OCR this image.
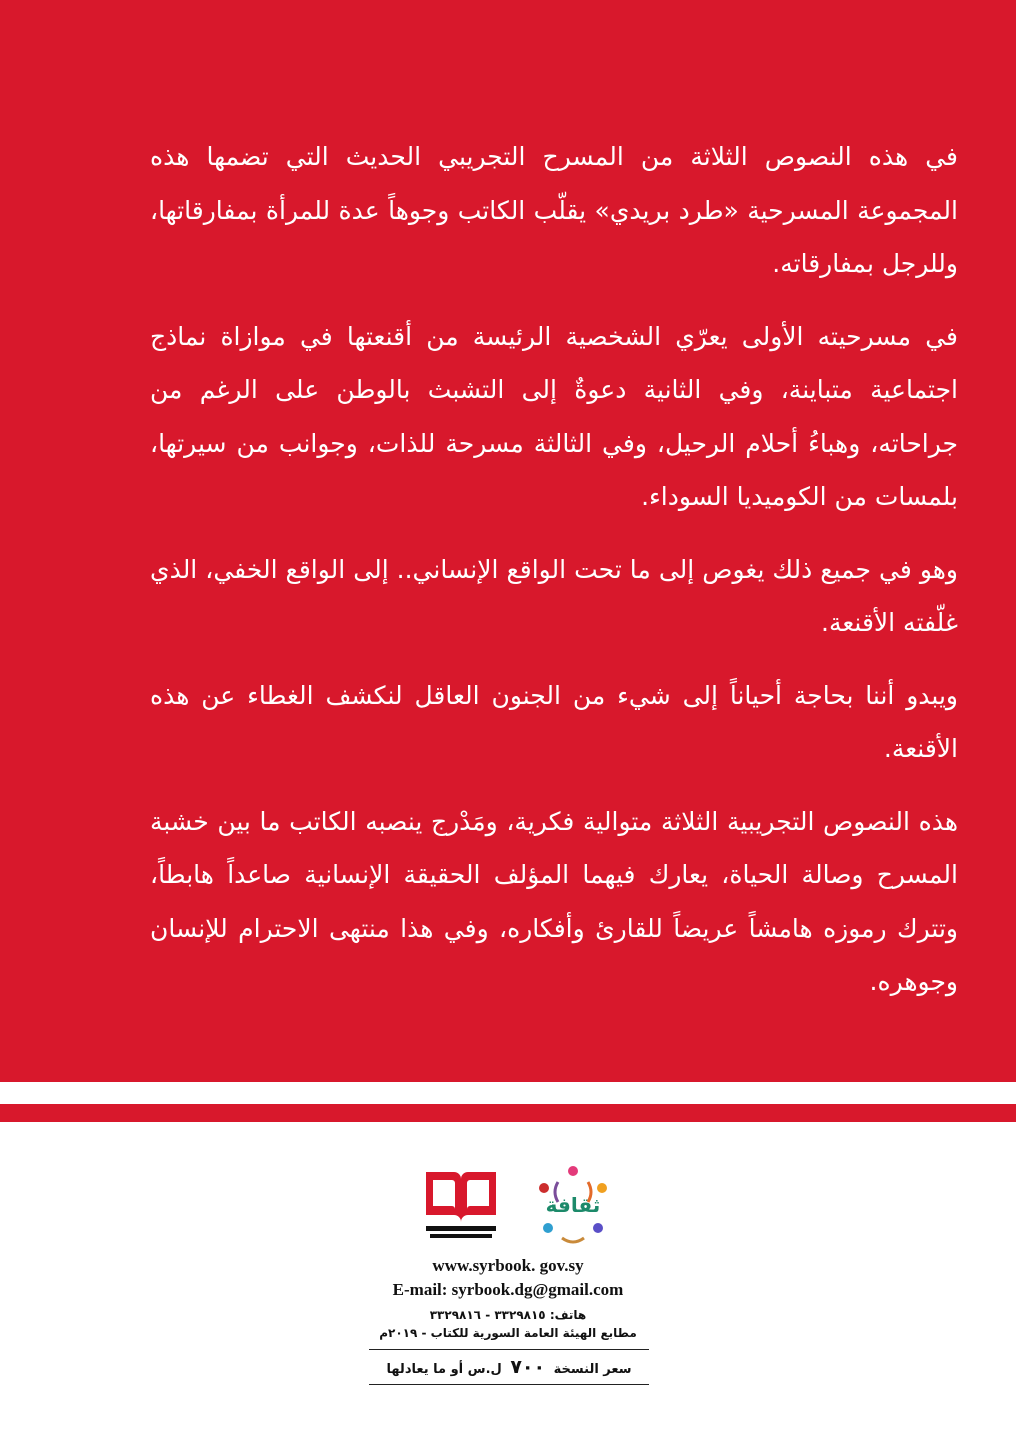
في هذه النصوص الثلاثة من المسرح التجريبي الحديث التي تضمها هذه المجموعة المسرحية «طرد بريدي» يقلّب الكاتب وجوهاً عدة للمرأة بمفارقاتها، وللرجل بمفارقاته.

في مسرحيته الأولى يعرّي الشخصية الرئيسة من أقنعتها في موازاة نماذج اجتماعية متباينة، وفي الثانية دعوةٌ إلى التشبث بالوطن على الرغم من جراحاته، وهباءُ أحلام الرحيل، وفي الثالثة مسرحة للذات، وجوانب من سيرتها، بلمسات من الكوميديا السوداء.

وهو في جميع ذلك يغوص إلى ما تحت الواقع الإنساني.. إلى الواقع الخفي، الذي غلّفته الأقنعة.

ويبدو أننا بحاجة أحياناً إلى شيء من الجنون العاقل لنكشف الغطاء عن هذه الأقنعة.

هذه النصوص التجريبية الثلاثة متوالية فكرية، ومَدْرج ينصبه الكاتب ما بين خشبة المسرح وصالة الحياة، يعارك فيهما المؤلف الحقيقة الإنسانية صاعداً هابطاً، وتترك رموزه هامشاً عريضاً للقارئ وأفكاره، وفي هذا منتهى الاحترام للإنسان وجوهره.

ثقافة
www.syrbook. gov.sy
E-mail: syrbook.dg@gmail.com
هاتف: ٣٣٢٩٨١٥ - ٣٣٢٩٨١٦
مطابع الهيئة العامة السورية للكتاب - ٢٠١٩م
سعر النسخة ٧٠٠ ل.س أو ما يعادلها
